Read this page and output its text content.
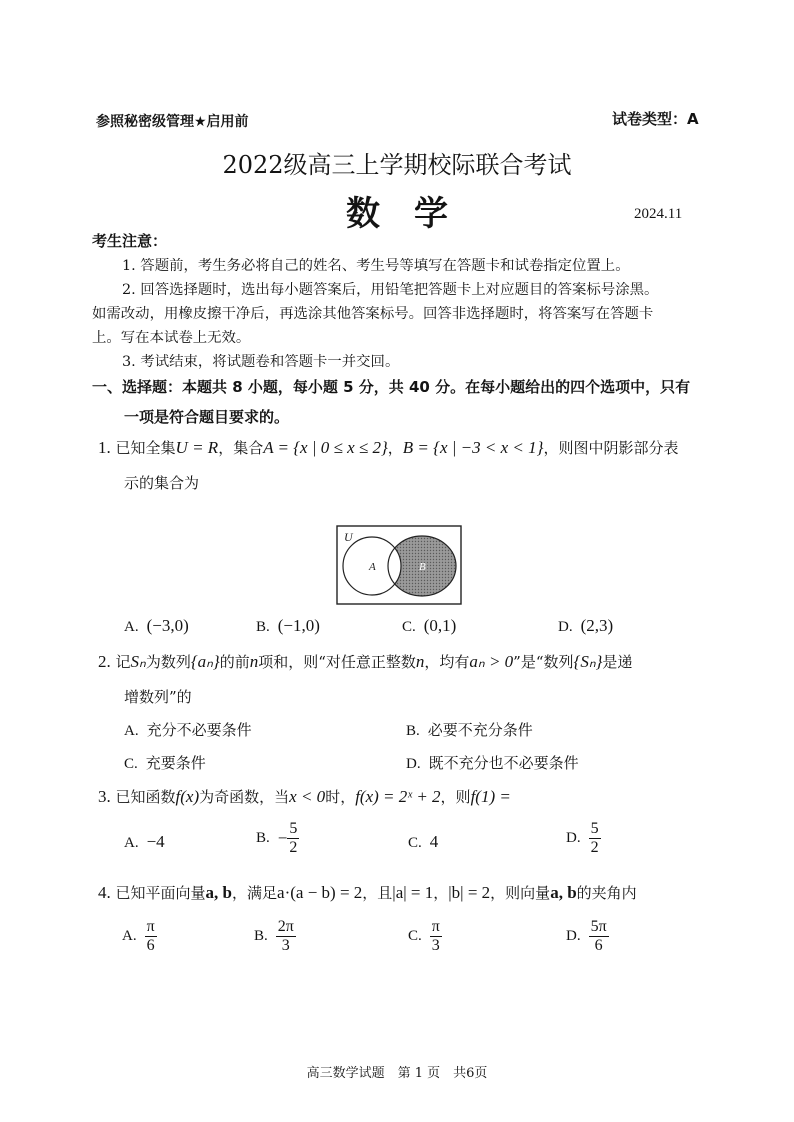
参照秘密级管理★启用前	试卷类型：A
2022级高三上学期校际联合考试
数　学	2024.11
考生注意：
1. 答题前，考生务必将自己的姓名、考生号等填写在答题卡和试卷指定位置上。
2. 回答选择题时，选出每小题答案后，用铅笔把答题卡上对应题目的答案标号涂黑。
如需改动，用橡皮擦干净后，再选涂其他答案标号。回答非选择题时，将答案写在答题卡
上。写在本试卷上无效。
3. 考试结束，将试题卷和答题卡一并交回。
一、选择题：本题共 8 小题，每小题 5 分，共 40 分。在每小题给出的四个选项中，只有
一项是符合题目要求的。
1. 已知全集U = R，集合A = {x | 0 ≤ x ≤ 2}，B = {x | −3 < x < 1}，则图中阴影部分表
示的集合为
U
A	B
A. (−3,0)	B. (−1,0)	C. (0,1)	D. (2,3)
2. 记Sₙ为数列{aₙ}的前n项和，则“对任意正整数n，均有aₙ > 0”是“数列{Sₙ}是递
增数列”的
A. 充分不必要条件	B. 必要不充分条件
C. 充要条件	D. 既不充分也不必要条件
3. 已知函数f(x)为奇函数，当x < 0时，f(x) = 2ˣ + 2，则f(1) =
A. −4	B. − $\frac{5}{2}$	C. 4	D. $\frac{5}{2}$
4. 已知平面向量a, b，满足a·(a − b) = 2，且|a| = 1，|b| = 2，则向量a, b的夹角内
A. $\frac{\pi}{6}$	B. $\frac{2\pi}{3}$	C. $\frac{\pi}{3}$	D. $\frac{5\pi}{6}$
高三数学试题　第 1 页　共6页
